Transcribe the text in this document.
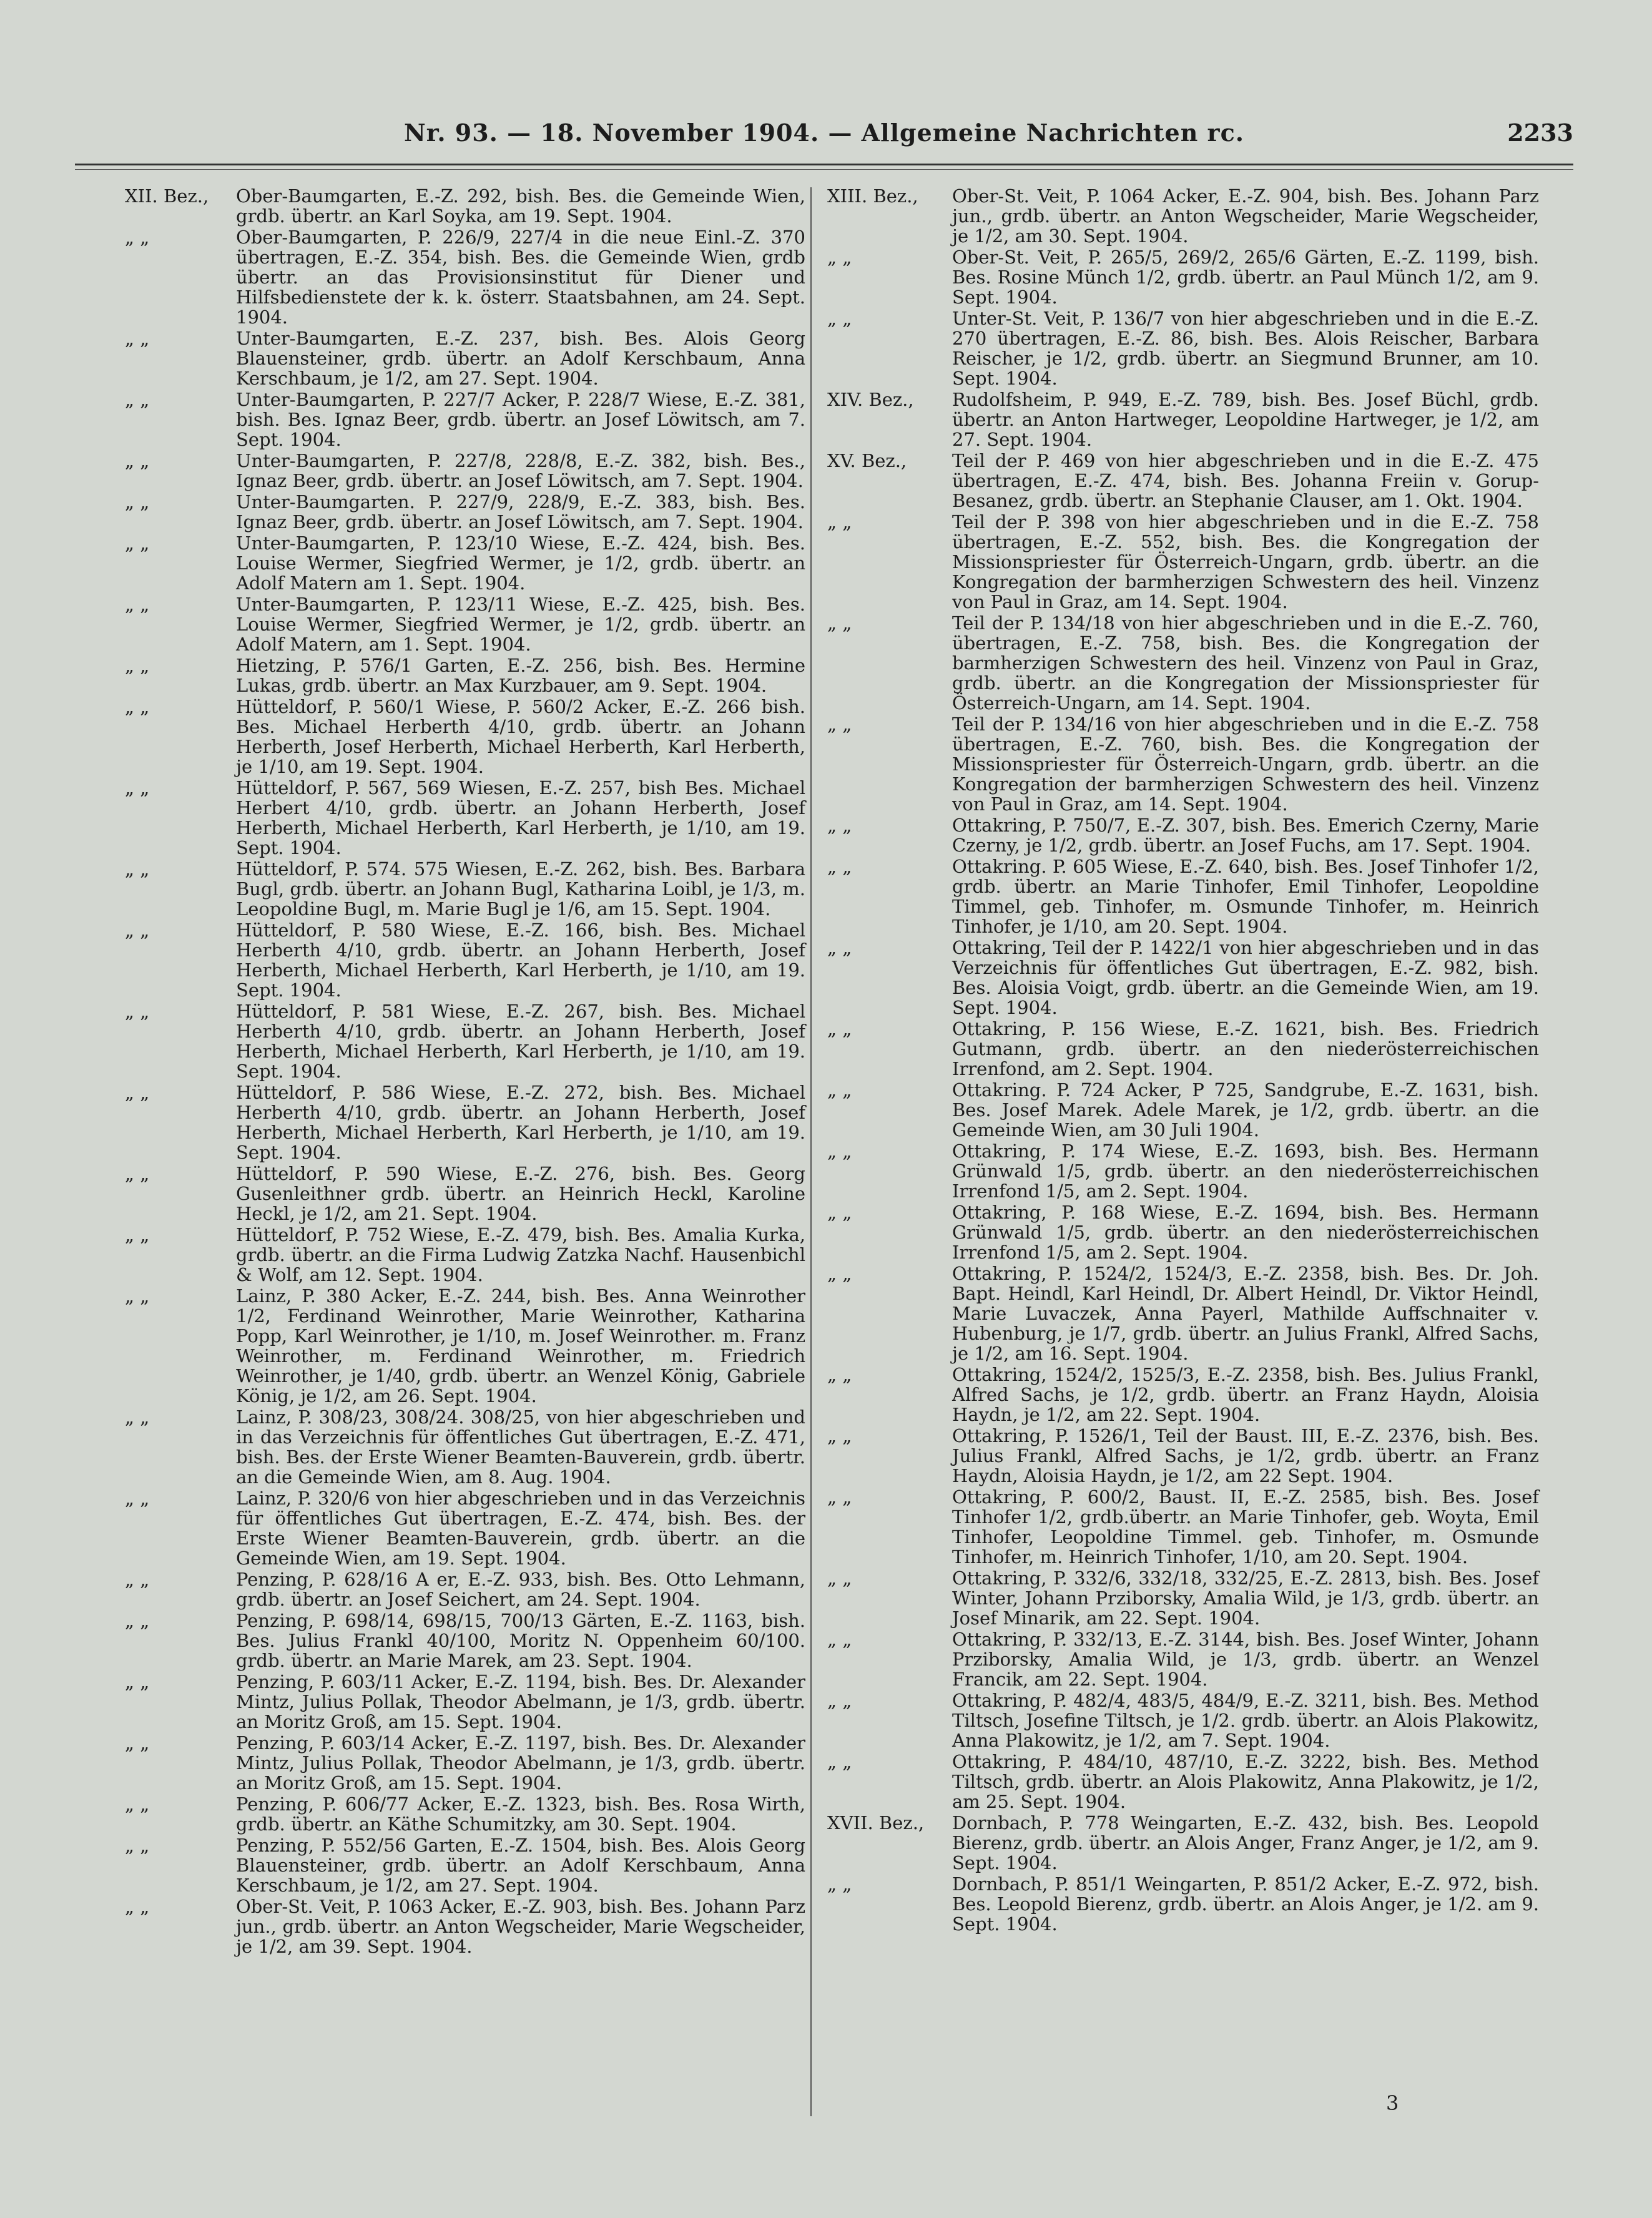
Nr. 93. — 18. November 1904. — Allgemeine Nachrichten rc.	2233
XII. Bez.,	Ober-Baumgarten, E.-Z. 292, bish. Bes. die Gemeinde Wien, grdb. übertr. an Karl Soyka, am 19. Sept. 1904.
„ „	Ober-Baumgarten, P. 226/9, 227/4 in die neue Einl.-Z. 370 übertragen, E.-Z. 354, bish. Bes. die Gemeinde Wien, grdb übertr. an das Provisionsinstitut für Diener und Hilfsbedienstete der k. k. österr. Staatsbahnen, am 24. Sept. 1904.
„ „	Unter-Baumgarten, E.-Z. 237, bish. Bes. Alois Georg Blauensteiner, grdb. übertr. an Adolf Kerschbaum, Anna Kerschbaum, je 1/2, am 27. Sept. 1904.
„ „	Unter-Baumgarten, P. 227/7 Acker, P. 228/7 Wiese, E.-Z. 381, bish. Bes. Ignaz Beer, grdb. übertr. an Josef Löwitsch, am 7. Sept. 1904.
„ „	Unter-Baumgarten, P. 227/8, 228/8, E.-Z. 382, bish. Bes., Ignaz Beer, grdb. übertr. an Josef Löwitsch, am 7. Sept. 1904.
„ „	Unter-Baumgarten. P. 227/9, 228/9, E.-Z. 383, bish. Bes. Ignaz Beer, grdb. übertr. an Josef Löwitsch, am 7. Sept. 1904.
„ „	Unter-Baumgarten, P. 123/10 Wiese, E.-Z. 424, bish. Bes. Louise Wermer, Siegfried Wermer, je 1/2, grdb. übertr. an Adolf Matern am 1. Sept. 1904.
„ „	Unter-Baumgarten, P. 123/11 Wiese, E.-Z. 425, bish. Bes. Louise Wermer, Siegfried Wermer, je 1/2, grdb. übertr. an Adolf Matern, am 1. Sept. 1904.
„ „	Hietzing, P. 576/1 Garten, E.-Z. 256, bish. Bes. Hermine Lukas, grdb. übertr. an Max Kurzbauer, am 9. Sept. 1904.
„ „	Hütteldorf, P. 560/1 Wiese, P. 560/2 Acker, E.-Z. 266 bish. Bes. Michael Herberth 4/10, grdb. übertr. an Johann Herberth, Josef Herberth, Michael Herberth, Karl Herberth, je 1/10, am 19. Sept. 1904.
„ „	Hütteldorf, P. 567, 569 Wiesen, E.-Z. 257, bish Bes. Michael Herbert 4/10, grdb. übertr. an Johann Herberth, Josef Herberth, Michael Herberth, Karl Herberth, je 1/10, am 19. Sept. 1904.
„ „	Hütteldorf, P. 574. 575 Wiesen, E.-Z. 262, bish. Bes. Barbara Bugl, grdb. übertr. an Johann Bugl, Katharina Loibl, je 1/3, m. Leopoldine Bugl, m. Marie Bugl je 1/6, am 15. Sept. 1904.
„ „	Hütteldorf, P. 580 Wiese, E.-Z. 166, bish. Bes. Michael Herberth 4/10, grdb. übertr. an Johann Herberth, Josef Herberth, Michael Herberth, Karl Herberth, je 1/10, am 19. Sept. 1904.
„ „	Hütteldorf, P. 581 Wiese, E.-Z. 267, bish. Bes. Michael Herberth 4/10, grdb. übertr. an Johann Herberth, Josef Herberth, Michael Herberth, Karl Herberth, je 1/10, am 19. Sept. 1904.
„ „	Hütteldorf, P. 586 Wiese, E.-Z. 272, bish. Bes. Michael Herberth 4/10, grdb. übertr. an Johann Herberth, Josef Herberth, Michael Herberth, Karl Herberth, je 1/10, am 19. Sept. 1904.
„ „	Hütteldorf, P. 590 Wiese, E.-Z. 276, bish. Bes. Georg Gusenleithner grdb. übertr. an Heinrich Heckl, Karoline Heckl, je 1/2, am 21. Sept. 1904.
„ „	Hütteldorf, P. 752 Wiese, E.-Z. 479, bish. Bes. Amalia Kurka, grdb. übertr. an die Firma Ludwig Zatzka Nachf. Hausenbichl & Wolf, am 12. Sept. 1904.
„ „	Lainz, P. 380 Acker, E.-Z. 244, bish. Bes. Anna Weinrother 1/2, Ferdinand Weinrother, Marie Weinrother, Katharina Popp, Karl Weinrother, je 1/10, m. Josef Weinrother. m. Franz Weinrother, m. Ferdinand Weinrother, m. Friedrich Weinrother, je 1/40, grdb. übertr. an Wenzel König, Gabriele König, je 1/2, am 26. Sept. 1904.
„ „	Lainz, P. 308/23, 308/24. 308/25, von hier abgeschrieben und in das Verzeichnis für öffentliches Gut übertragen, E.-Z. 471, bish. Bes. der Erste Wiener Beamten-Bauverein, grdb. übertr. an die Gemeinde Wien, am 8. Aug. 1904.
„ „	Lainz, P. 320/6 von hier abgeschrieben und in das Verzeichnis für öffentliches Gut übertragen, E.-Z. 474, bish. Bes. der Erste Wiener Beamten-Bauverein, grdb. übertr. an die Gemeinde Wien, am 19. Sept. 1904.
„ „	Penzing, P. 628/16 A er, E.-Z. 933, bish. Bes. Otto Lehmann, grdb. übertr. an Josef Seichert, am 24. Sept. 1904.
„ „	Penzing, P. 698/14, 698/15, 700/13 Gärten, E.-Z. 1163, bish. Bes. Julius Frankl 40/100, Moritz N. Oppenheim 60/100. grdb. übertr. an Marie Marek, am 23. Sept. 1904.
„ „	Penzing, P. 603/11 Acker, E.-Z. 1194, bish. Bes. Dr. Alexander Mintz, Julius Pollak, Theodor Abelmann, je 1/3, grdb. übertr. an Moritz Groß, am 15. Sept. 1904.
„ „	Penzing, P. 603/14 Acker, E.-Z. 1197, bish. Bes. Dr. Alexander Mintz, Julius Pollak, Theodor Abelmann, je 1/3, grdb. übertr. an Moritz Groß, am 15. Sept. 1904.
„ „	Penzing, P. 606/77 Acker, E.-Z. 1323, bish. Bes. Rosa Wirth, grdb. übertr. an Käthe Schumitzky, am 30. Sept. 1904.
„ „	Penzing, P. 552/56 Garten, E.-Z. 1504, bish. Bes. Alois Georg Blauensteiner, grdb. übertr. an Adolf Kerschbaum, Anna Kerschbaum, je 1/2, am 27. Sept. 1904.
„ „	Ober-St. Veit, P. 1063 Acker, E.-Z. 903, bish. Bes. Johann Parz jun., grdb. übertr. an Anton Wegscheider, Marie Wegscheider, je 1/2, am 39. Sept. 1904.
XIII. Bez.,	Ober-St. Veit, P. 1064 Acker, E.-Z. 904, bish. Bes. Johann Parz jun., grdb. übertr. an Anton Wegscheider, Marie Wegscheider, je 1/2, am 30. Sept. 1904.
„ „	Ober-St. Veit, P. 265/5, 269/2, 265/6 Gärten, E.-Z. 1199, bish. Bes. Rosine Münch 1/2, grdb. übertr. an Paul Münch 1/2, am 9. Sept. 1904.
„ „	Unter-St. Veit, P. 136/7 von hier abgeschrieben und in die E.-Z. 270 übertragen, E.-Z. 86, bish. Bes. Alois Reischer, Barbara Reischer, je 1/2, grdb. übertr. an Siegmund Brunner, am 10. Sept. 1904.
XIV. Bez.,	Rudolfsheim, P. 949, E.-Z. 789, bish. Bes. Josef Büchl, grdb. übertr. an Anton Hartweger, Leopoldine Hartweger, je 1/2, am 27. Sept. 1904.
XV. Bez.,	Teil der P. 469 von hier abgeschrieben und in die E.-Z. 475 übertragen, E.-Z. 474, bish. Bes. Johanna Freiin v. Gorup-Besanez, grdb. übertr. an Stephanie Clauser, am 1. Okt. 1904.
„ „	Teil der P. 398 von hier abgeschrieben und in die E.-Z. 758 übertragen, E.-Z. 552, bish. Bes. die Kongregation der Missionspriester für Österreich-Ungarn, grdb. übertr. an die Kongregation der barmherzigen Schwestern des heil. Vinzenz von Paul in Graz, am 14. Sept. 1904.
„ „	Teil der P. 134/18 von hier abgeschrieben und in die E.-Z. 760, übertragen, E.-Z. 758, bish. Bes. die Kongregation der barmherzigen Schwestern des heil. Vinzenz von Paul in Graz, grdb. übertr. an die Kongregation der Missionspriester für Österreich-Ungarn, am 14. Sept. 1904.
„ „	Teil der P. 134/16 von hier abgeschrieben und in die E.-Z. 758 übertragen, E.-Z. 760, bish. Bes. die Kongregation der Missionspriester für Österreich-Ungarn, grdb. übertr. an die Kongregation der barmherzigen Schwestern des heil. Vinzenz von Paul in Graz, am 14. Sept. 1904.
„ „	Ottakring, P. 750/7, E.-Z. 307, bish. Bes. Emerich Czerny, Marie Czerny, je 1/2, grdb. übertr. an Josef Fuchs, am 17. Sept. 1904.
„ „	Ottakring. P. 605 Wiese, E.-Z. 640, bish. Bes. Josef Tinhofer 1/2, grdb. übertr. an Marie Tinhofer, Emil Tinhofer, Leopoldine Timmel, geb. Tinhofer, m. Osmunde Tinhofer, m. Heinrich Tinhofer, je 1/10, am 20. Sept. 1904.
„ „	Ottakring, Teil der P. 1422/1 von hier abgeschrieben und in das Verzeichnis für öffentliches Gut übertragen, E.-Z. 982, bish. Bes. Aloisia Voigt, grdb. übertr. an die Gemeinde Wien, am 19. Sept. 1904.
„ „	Ottakring, P. 156 Wiese, E.-Z. 1621, bish. Bes. Friedrich Gutmann, grdb. übertr. an den niederösterreichischen Irrenfond, am 2. Sept. 1904.
„ „	Ottakring. P. 724 Acker, P 725, Sandgrube, E.-Z. 1631, bish. Bes. Josef Marek. Adele Marek, je 1/2, grdb. übertr. an die Gemeinde Wien, am 30 Juli 1904.
„ „	Ottakring, P. 174 Wiese, E.-Z. 1693, bish. Bes. Hermann Grünwald 1/5, grdb. übertr. an den niederösterreichischen Irrenfond 1/5, am 2. Sept. 1904.
„ „	Ottakring, P. 168 Wiese, E.-Z. 1694, bish. Bes. Hermann Grünwald 1/5, grdb. übertr. an den niederösterreichischen Irrenfond 1/5, am 2. Sept. 1904.
„ „	Ottakring, P. 1524/2, 1524/3, E.-Z. 2358, bish. Bes. Dr. Joh. Bapt. Heindl, Karl Heindl, Dr. Albert Heindl, Dr. Viktor Heindl, Marie Luvaczek, Anna Payerl, Mathilde Auffschnaiter v. Hubenburg, je 1/7, grdb. übertr. an Julius Frankl, Alfred Sachs, je 1/2, am 16. Sept. 1904.
„ „	Ottakring, 1524/2, 1525/3, E.-Z. 2358, bish. Bes. Julius Frankl, Alfred Sachs, je 1/2, grdb. übertr. an Franz Haydn, Aloisia Haydn, je 1/2, am 22. Sept. 1904.
„ „	Ottakring, P. 1526/1, Teil der Baust. III, E.-Z. 2376, bish. Bes. Julius Frankl, Alfred Sachs, je 1/2, grdb. übertr. an Franz Haydn, Aloisia Haydn, je 1/2, am 22 Sept. 1904.
„ „	Ottakring, P. 600/2, Baust. II, E.-Z. 2585, bish. Bes. Josef Tinhofer 1/2, grdb.übertr. an Marie Tinhofer, geb. Woyta, Emil Tinhofer, Leopoldine Timmel. geb. Tinhofer, m. Osmunde Tinhofer, m. Heinrich Tinhofer, 1/10, am 20. Sept. 1904.
„ „	Ottakring, P. 332/6, 332/18, 332/25, E.-Z. 2813, bish. Bes. Josef Winter, Johann Prziborsky, Amalia Wild, je 1/3, grdb. übertr. an Josef Minarik, am 22. Sept. 1904.
„ „	Ottakring, P. 332/13, E.-Z. 3144, bish. Bes. Josef Winter, Johann Prziborsky, Amalia Wild, je 1/3, grdb. übertr. an Wenzel Francik, am 22. Sept. 1904.
„ „	Ottakring, P. 482/4, 483/5, 484/9, E.-Z. 3211, bish. Bes. Method Tiltsch, Josefine Tiltsch, je 1/2. grdb. übertr. an Alois Plakowitz, Anna Plakowitz, je 1/2, am 7. Sept. 1904.
„ „	Ottakring, P. 484/10, 487/10, E.-Z. 3222, bish. Bes. Method Tiltsch, grdb. übertr. an Alois Plakowitz, Anna Plakowitz, je 1/2, am 25. Sept. 1904.
XVII. Bez.,	Dornbach, P. 778 Weingarten, E.-Z. 432, bish. Bes. Leopold Bierenz, grdb. übertr. an Alois Anger, Franz Anger, je 1/2, am 9. Sept. 1904.
„ „	Dornbach, P. 851/1 Weingarten, P. 851/2 Acker, E.-Z. 972, bish. Bes. Leopold Bierenz, grdb. übertr. an Alois Anger, je 1/2. am 9. Sept. 1904.
3
